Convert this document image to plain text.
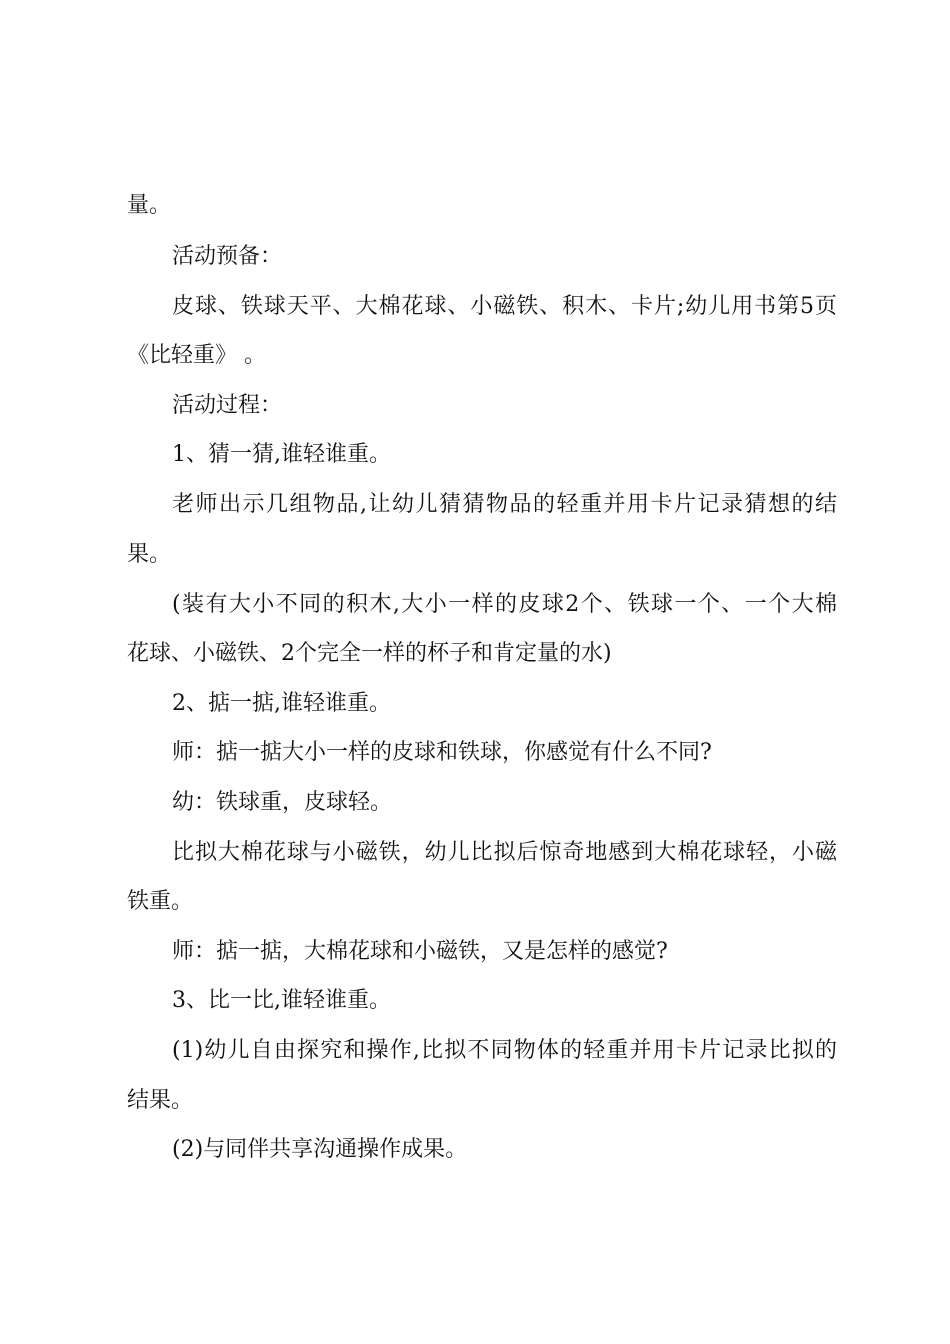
量。
活动预备：
皮球、铁球天平、大棉花球、小磁铁、积木、卡片;幼儿用书第5页
《比轻重》 。
活动过程：
1、猜一猜,谁轻谁重。
老师出示几组物品,让幼儿猜猜物品的轻重并用卡片记录猜想的结
果。
(装有大小不同的积木,大小一样的皮球2个、铁球一个、一个大棉
花球、小磁铁、2个完全一样的杯子和肯定量的水)
2、掂一掂,谁轻谁重。
师：掂一掂大小一样的皮球和铁球，你感觉有什么不同?
幼：铁球重，皮球轻。
比拟大棉花球与小磁铁，幼儿比拟后惊奇地感到大棉花球轻，小磁
铁重。
师：掂一掂，大棉花球和小磁铁，又是怎样的感觉?
3、比一比,谁轻谁重。
(1)幼儿自由探究和操作,比拟不同物体的轻重并用卡片记录比拟的
结果。
(2)与同伴共享沟通操作成果。
